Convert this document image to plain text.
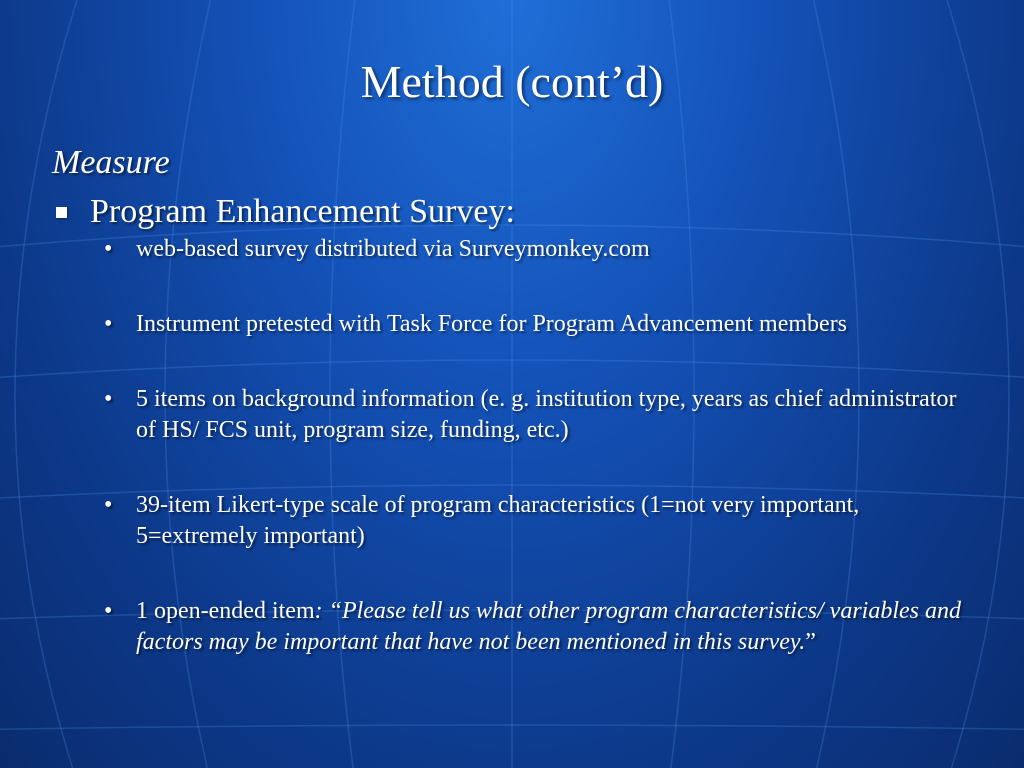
Method (cont’d)
Measure
Program Enhancement Survey:
• web-based survey distributed via Surveymonkey.com
• Instrument pretested with Task Force for Program Advancement members
• 5 items on background information (e. g. institution type, years as chief administrator of HS/ FCS unit, program size, funding, etc.)
• 39-item Likert-type scale of program characteristics (1=not very important, 5=extremely important)
• 1 open-ended item: “Please tell us what other program characteristics/ variables and factors may be important that have not been mentioned in this survey.”
